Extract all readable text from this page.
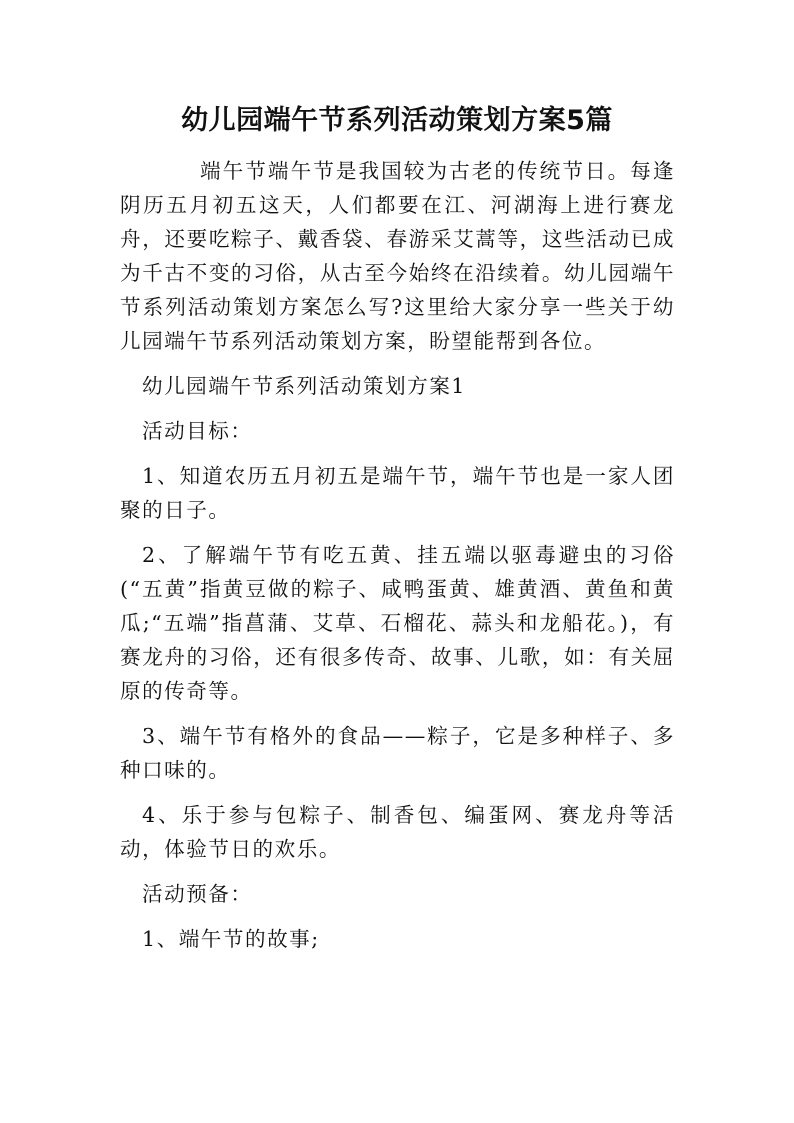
幼儿园端午节系列活动策划方案5篇

端午节端午节是我国较为古老的传统节日。每逢阴历五月初五这天，人们都要在江、河湖海上进行赛龙舟，还要吃粽子、戴香袋、春游采艾蒿等，这些活动已成为千古不变的习俗，从古至今始终在沿续着。幼儿园端午节系列活动策划方案怎么写?这里给大家分享一些关于幼儿园端午节系列活动策划方案，盼望能帮到各位。

幼儿园端午节系列活动策划方案1

活动目标：

1、知道农历五月初五是端午节，端午节也是一家人团聚的日子。

2、了解端午节有吃五黄、挂五端以驱毒避虫的习俗(“五黄”指黄豆做的粽子、咸鸭蛋黄、雄黄酒、黄鱼和黄瓜;“五端”指菖蒲、艾草、石榴花、蒜头和龙船花。)，有赛龙舟的习俗，还有很多传奇、故事、儿歌，如：有关屈原的传奇等。

3、端午节有格外的食品——粽子，它是多种样子、多种口味的。

4、乐于参与包粽子、制香包、编蛋网、赛龙舟等活动，体验节日的欢乐。

活动预备：

1、端午节的故事;
